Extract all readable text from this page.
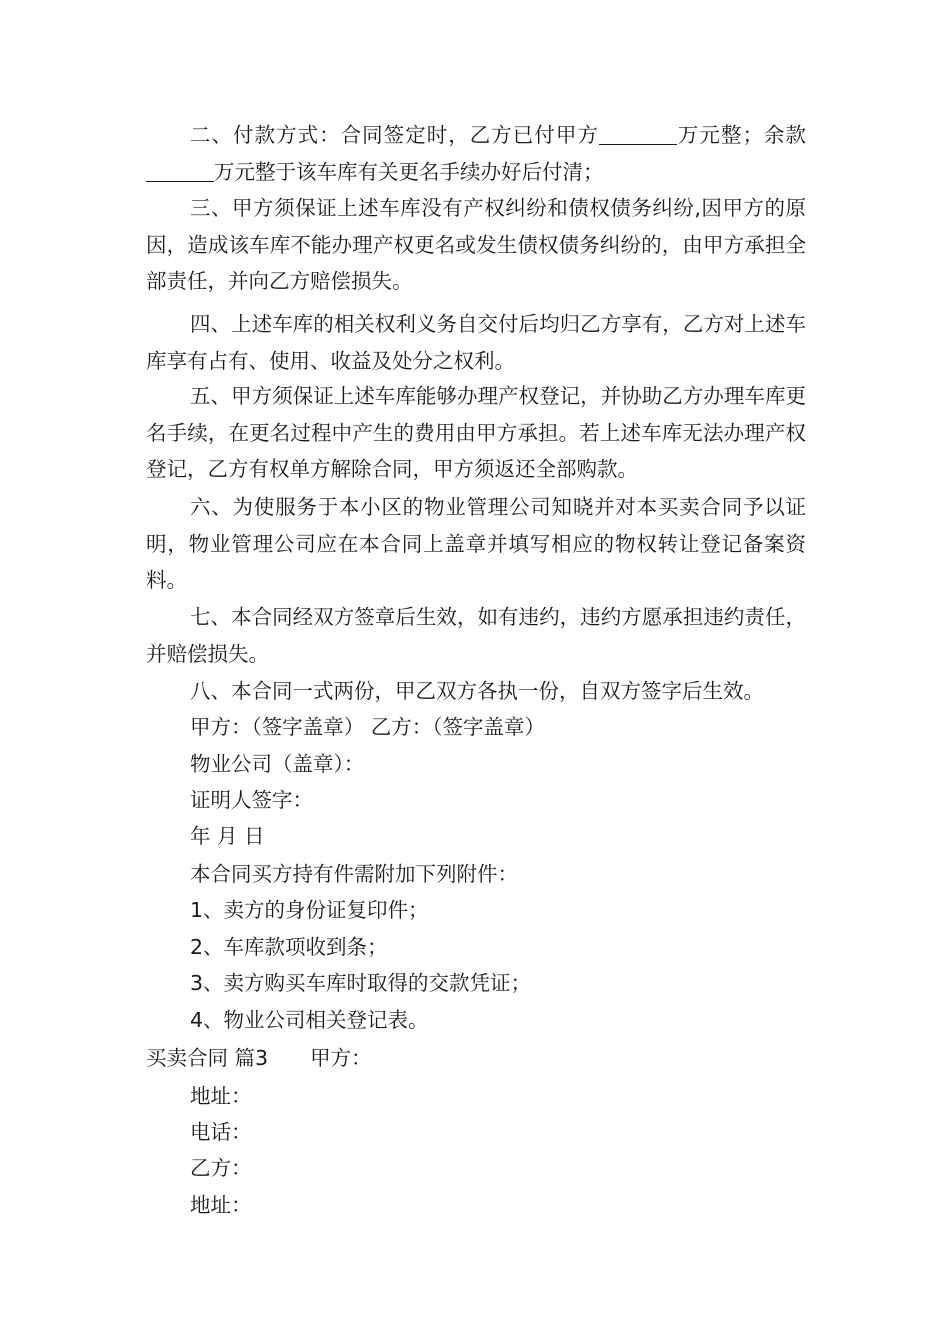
二、付款方式：合同签定时，乙方已付甲方	万元整；余款万元整于该车库有关更名手续办好后付清；
三、甲方须保证上述车库没有产权纠纷和债权债务纠纷,因甲方的原因，造成该车库不能办理产权更名或发生债权债务纠纷的，由甲方承担全部责任，并向乙方赔偿损失。
四、上述车库的相关权利义务自交付后均归乙方享有，乙方对上述车库享有占有、使用、收益及处分之权利。
五、甲方须保证上述车库能够办理产权登记，并协助乙方办理车库更名手续，在更名过程中产生的费用由甲方承担。若上述车库无法办理产权登记，乙方有权单方解除合同，甲方须返还全部购款。
六、为使服务于本小区的物业管理公司知晓并对本买卖合同予以证明，物业管理公司应在本合同上盖章并填写相应的物权转让登记备案资料。
七、本合同经双方签章后生效，如有违约，违约方愿承担违约责任，并赔偿损失。
八、本合同一式两份，甲乙双方各执一份，自双方签字后生效。
甲方：（签字盖章） 乙方：（签字盖章）
物业公司（盖章）：
证明人签字：
年 月 日
本合同买方持有件需附加下列附件：
1、卖方的身份证复印件；
2、车库款项收到条；
3、卖方购买车库时取得的交款凭证；
4、物业公司相关登记表。
买卖合同 篇3 甲方：
地址：
电话：
乙方：
地址：
